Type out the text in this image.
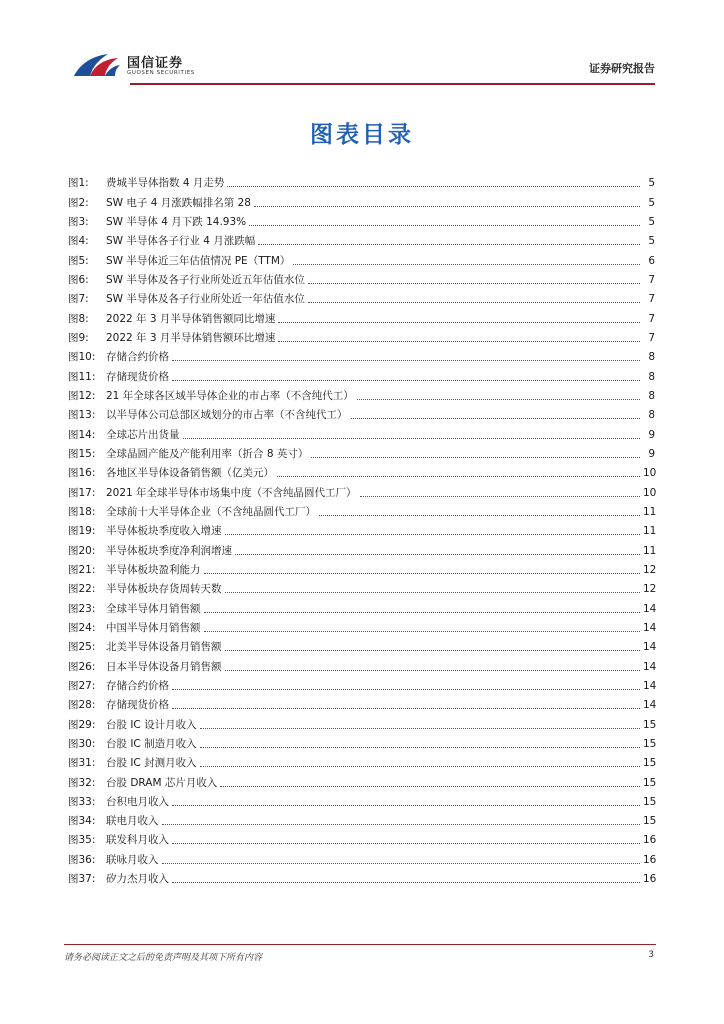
国信证券
GUOSEN SECURITIES	证券研究报告
图表目录
图1:	费城半导体指数 4 月走势	5
图2:	SW 电子 4 月涨跌幅排名第 28	5
图3:	SW 半导体 4 月下跌 14.93%	5
图4:	SW 半导体各子行业 4 月涨跌幅	5
图5:	SW 半导体近三年估值情况 PE（TTM）	6
图6:	SW 半导体及各子行业所处近五年估值水位	7
图7:	SW 半导体及各子行业所处近一年估值水位	7
图8:	2022 年 3 月半导体销售额同比增速	7
图9:	2022 年 3 月半导体销售额环比增速	7
图10:	存储合约价格	8
图11:	存储现货价格	8
图12:	21 年全球各区域半导体企业的市占率（不含纯代工）	8
图13:	以半导体公司总部区域划分的市占率（不含纯代工）	8
图14:	全球芯片出货量	9
图15:	全球晶圆产能及产能利用率（折合 8 英寸）	9
图16:	各地区半导体设备销售额（亿美元）	10
图17:	2021 年全球半导体市场集中度（不含纯晶圆代工厂）	10
图18:	全球前十大半导体企业（不含纯晶圆代工厂）	11
图19:	半导体板块季度收入增速	11
图20:	半导体板块季度净利润增速	11
图21:	半导体板块盈利能力	12
图22:	半导体板块存货周转天数	12
图23:	全球半导体月销售额	14
图24:	中国半导体月销售额	14
图25:	北美半导体设备月销售额	14
图26:	日本半导体设备月销售额	14
图27:	存储合约价格	14
图28:	存储现货价格	14
图29:	台股 IC 设计月收入	15
图30:	台股 IC 制造月收入	15
图31:	台股 IC 封测月收入	15
图32:	台股 DRAM 芯片月收入	15
图33:	台积电月收入	15
图34:	联电月收入	15
图35:	联发科月收入	16
图36:	联咏月收入	16
图37:	矽力杰月收入	16
请务必阅读正文之后的免责声明及其项下所有内容	3
